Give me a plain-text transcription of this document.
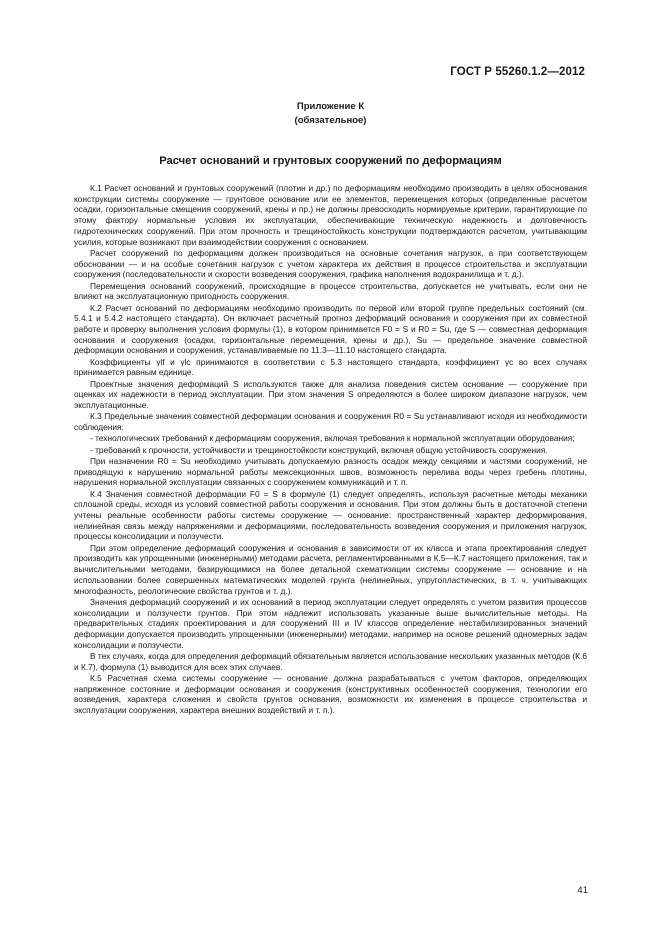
ГОСТ Р 55260.1.2—2012
Приложение К
(обязательное)
Расчет оснований и грунтовых сооружений по деформациям

К.1 Расчет оснований и грунтовых сооружений (плотин и др.) по деформациям необходимо производить в целях обоснования конструкции системы сооружение — грунтовое основание или ее элементов, перемещения которых (определенные расчетом осадки, горизонтальные смещения сооружений, крены и пр.) не должны превосходить нормируемые критерии, гарантирующие по этому фактору нормальные условия их эксплуатации, обеспечивающие техническую надежность и долговечность гидротехнических сооружений. При этом прочность и трещиностойкость конструкции подтверждаются расчетом, учитывающим усилия, которые возникают при взаимодействии сооружения с основанием.

Расчет сооружений по деформациям должен производиться на основные сочетания нагрузок, а при соответствующем обосновании — и на особые сочетания нагрузок с учетом характера их действия в процессе строительства и эксплуатации сооружения (последовательности и скорости возведения сооружения, графика наполнения водохранилища и т. д.).

Перемещения оснований сооружений, происходящие в процессе строительства, допускается не учитывать, если они не влияют на эксплуатационную пригодность сооружения.

К.2 Расчет оснований по деформациям необходимо производить по первой или второй группе предельных состояний (см. 5.4.1 и 5.4.2 настоящего стандарта). Он включает расчетный прогноз деформаций основания и сооружения при их совместной работе и проверку выполнения условия формулы (1), в котором принимается F0 = S и R0 = Su, где S — совместная деформация основания и сооружения (осадки, горизонтальные перемещения, крены и др.), Su — предельное значение совместной деформации основания и сооружения, устанавливаемые по 11.3—11.10 настоящего стандарта.

Коэффициенты γlf и γlc принимаются в соответствии с 5.3 настоящего стандарта, коэффициент γc во всех случаях принимается равным единице.

Проектные значения деформаций S используются также для анализа поведения систем основание — сооружение при оценках их надежности в период эксплуатации. При этом значения S определяются в более широком диапазоне нагрузок, чем эксплуатационные.

К.3 Предельные значения совместной деформации основания и сооружения R0 = Su устанавливают исходя из необходимости соблюдения:

- технологических требований к деформациям сооружения, включая требования к нормальной эксплуатации оборудования;

- требований к прочности, устойчивости и трещиностойкости конструкций, включая общую устойчивость сооружения.

При назначении R0 = Su необходимо учитывать допускаемую разность осадок между секциями и частями сооружений, не приводящую к нарушению нормальной работы межсекционных швов, возможность перелива воды через гребень плотины, нарушения нормальной эксплуатации связанных с сооружением коммуникаций и т. п.

К.4 Значения совместной деформации F0 = S в формуле (1) следует определять, используя расчетные методы механики сплошной среды, исходя из условий совместной работы сооружения и основания. При этом должны быть в достаточной степени учтены реальные особенности работы системы сооружение — основание: пространственный характер деформирования, нелинейная связь между напряжениями и деформациями, последовательность возведения сооружения и приложения нагрузок, процессы консолидации и ползучести.

При этом определение деформаций сооружения и основания в зависимости от их класса и этапа проектирования следует производить как упрощенными (инженерными) методами расчета, регламентированными в К.5—К.7 настоящего приложения, так и вычислительными методами, базирующимися на более детальной схематизации системы сооружение — основание и на использовании более совершенных математических моделей грунта (нелинейных, упругопластических, в т. ч. учитывающих многофазность, реологические свойства грунтов и т. д.).

Значения деформаций сооружений и их оснований в период эксплуатации следует определять с учетом развития процессов консолидации и ползучести грунтов. При этом надлежит использовать указанные выше вычислительные методы. На предварительных стадиях проектирования и для сооружений III и IV классов определение нестабилизированных значений деформации допускается производить упрощенными (инженерными) методами, например на основе решений одномерных задач консолидации и ползучести.

В тех случаях, когда для определения деформаций обязательным является использование нескольких указанных методов (К.6 и К.7), формула (1) выводится для всех этих случаев.

К.5 Расчетная схема системы сооружение — основание должна разрабатываться с учетом факторов, определяющих напряженное состояние и деформации основания и сооружения (конструктивных особенностей сооружения, технологии его возведения, характера сложения и свойств грунтов основания, возможности их изменения в процессе строительства и эксплуатации сооружения, характера внешних воздействий и т. п.).

41
